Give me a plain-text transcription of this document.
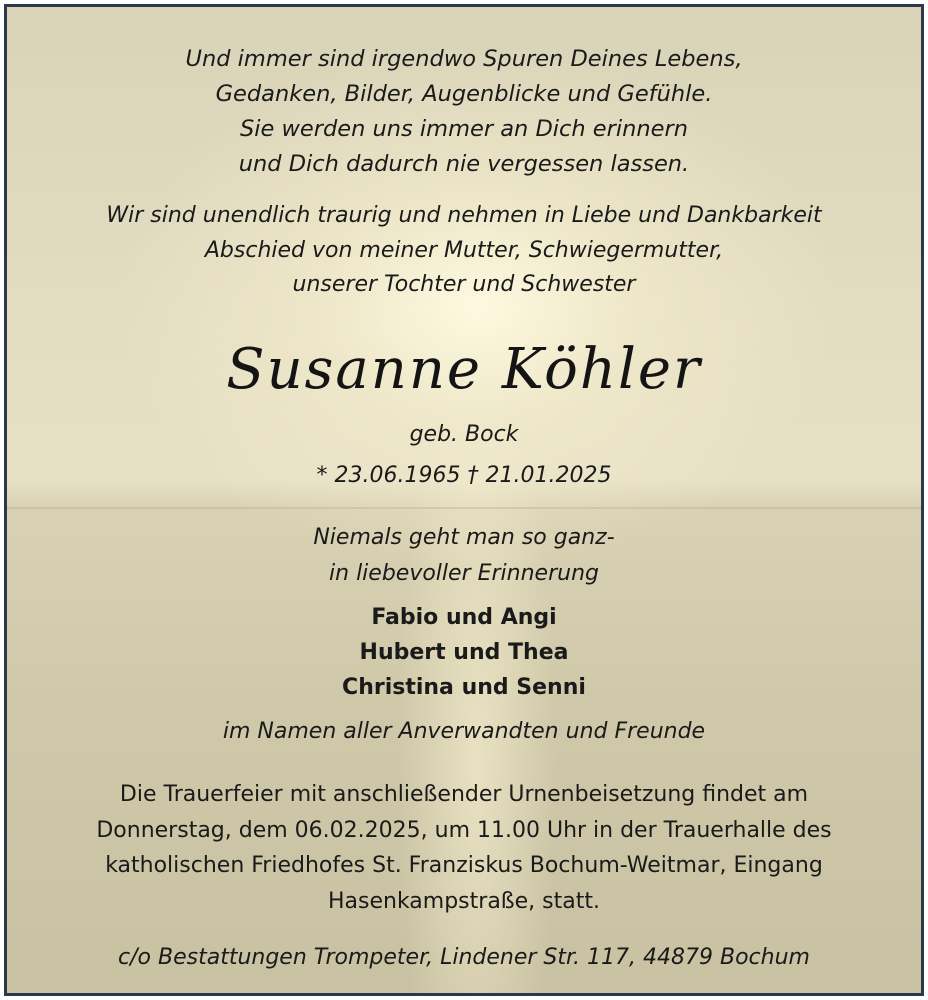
Und immer sind irgendwo Spuren Deines Lebens,
Gedanken, Bilder, Augenblicke und Gefühle.
Sie werden uns immer an Dich erinnern
und Dich dadurch nie vergessen lassen.
Wir sind unendlich traurig und nehmen in Liebe und Dankbarkeit
Abschied von meiner Mutter, Schwiegermutter,
unserer Tochter und Schwester
Susanne Köhler
geb. Bock
* 23.06.1965 † 21.01.2025
Niemals geht man so ganz-
in liebevoller Erinnerung
Fabio und Angi
Hubert und Thea
Christina und Senni
im Namen aller Anverwandten und Freunde
Die Trauerfeier mit anschließender Urnenbeisetzung findet am
Donnerstag, dem 06.02.2025, um 11.00 Uhr in der Trauerhalle des
katholischen Friedhofes St. Franziskus Bochum-Weitmar, Eingang
Hasenkampstraße, statt.
c/o Bestattungen Trompeter, Lindener Str. 117, 44879 Bochum
